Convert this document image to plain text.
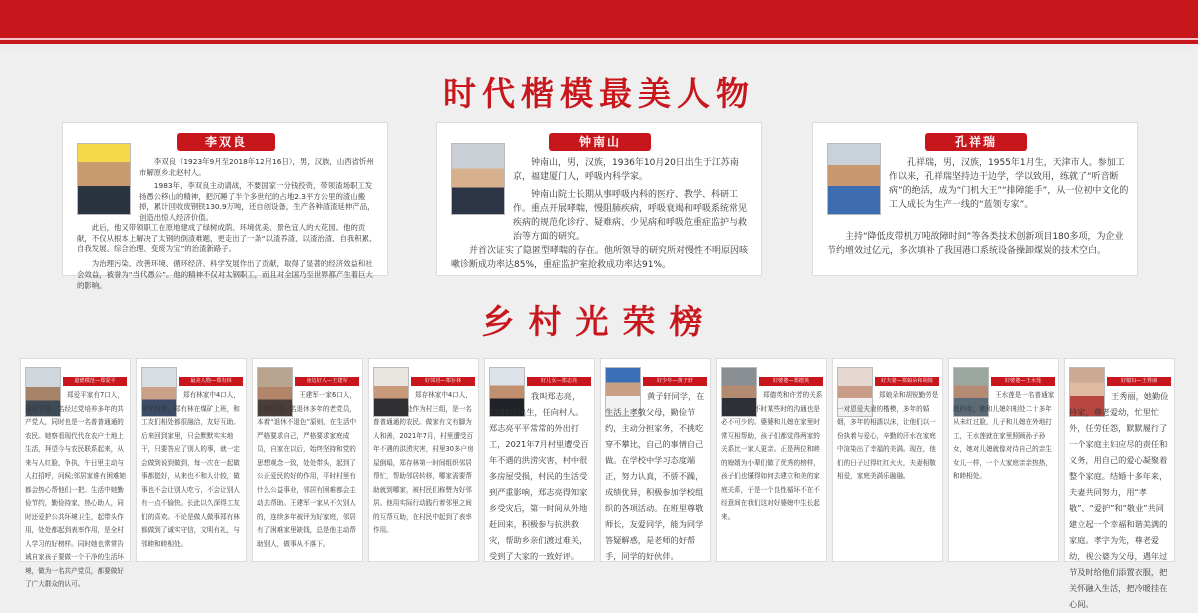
时代楷模最美人物
李双良

李双良（1923年9月至2018年12月16日），男，汉族，山西省忻州市解原乡北赵村人。

1983年，李双良主动请战，不要国家一分钱投资，带领渣场职工发扬愚公移山的精神，把沉睡了半个多世纪的占地2.3平方公里的渣山搬掉，累计回收废钢铁130.9万吨，还自创设备，生产各种渣渣延伸产品，创造出惊人经济价值。

此后，他又带领职工在原地建成了绿树成荫、环境优美、景色宜人的大花园。他的贡献，不仅从根本上解决了太钢的倒渣难题，更走出了一条“以渣养渣、以渣治渣、自我积累、自我发展、综合治理、变废为宝”的治渣新路子。

为治理污染、改善环境、循环经济、科学发展作出了贡献，取得了显著的经济效益和社会效益，被誉为“当代愚公”。他的精神不仅对太钢职工，而且对全国乃至世界都产生着巨大的影响。

钟南山

钟南山，男，汉族，1936年10月20日出生于江苏南京，福建厦门人，呼吸内科学家。

钟南山院士长期从事呼吸内科的医疗、教学、科研工作。重点开展哮喘，慢阻肺疾病，呼吸衰竭和呼吸系统常见疾病的规范化诊疗、疑难病、少见病和呼吸危重症监护与救治等方面的研究。

并首次证实了隐匿型哮喘的存在。他所领导的研究所对慢性不明原因咳嗽诊断成功率达85%，重症监护室抢救成功率达91%。

孔祥瑞

孔祥瑞，男，汉族，1955年1月生，天津市人。参加工作以来，孔祥瑞坚持边干边学，学以致用，练就了“听音断病”的绝活，成为“门机大王”“排障能手”，从一位初中文化的工人成长为生产一线的“蓝领专家”。

主持“降低皮带机万吨故障时间”等各类技术创新项目180多项，为企业节约增效过亿元，多次填补了我国港口系统设备操卸煤炭的技术空白。

乡村光荣榜
道德模范—郑爱平

郑爱平家有7口人，郑爱平是一名经过党培养多年的共产党人，同时也是一名普普通通的农民。她察看现代代在农户土地上生活，拜望今与农民联系起来，从来与人红脸，争执，午日里主动与人打招呼，问候;邻居家谁有困难她都会热心帮他们一把。生活中她勤俭节约，勤俭持家，热心助人，同时还爱护公共环境卫生，起带头作用，处处都起到表率作用，是全村人学习的好榜样。同时她也常常告诫自家孩子要做一个干净的生活环境，做为一名共产党员，都要做好了广大群众的认可。

最美人物—郑有林

郑有林家中4口人，早年村里，郑有林在煤矿上班，和工友们相处都很融洽，友好互助。后来回到家里，只会默默实实地干，只要答应了别人的事，就一定会做到说到做到，每一次在一起做事都挺好，从来也不和人计较，做事也不会让别人吃亏，不会让别人有一点不愉快。长此以久深得工友们的喜欢。不论是做人做事郑有林都做到了诚实守信，文明有礼，与邻睦和睦相处。

身边好人—王建军

王建军一家6口人，王建军是一名退休多年的老党员，本着“退休不退色”原则，在生活中严格要求自己，严格要求家庭成员，自家在以后，始终坚持和党的思想观念一致，处处带头，起到了公正爱民的好的作用，平时村里有什么公益事业，邻居有困难都会主动去帮助。王建军一家从不欠别人的，连续多年被评为好家庭，邻居有了困难家里缺钱，总是他主动帮助别人，做事从不落下。

好邻居—郑存林

郑存林家中4口人，世业山办事处作为村三组，是一名普普通通的农民。做家有文有脚为人和善，2021年7月，村里遭受百年不遇的洪涝灾害，村里30多户房屋倒塌，郑存林第一时间组织邻居帮忙，帮助邻居转移，哪家需要帮助就到哪家，被村民们称赞为好邻居。他用实际行动践行着邻里之间的互帮互助，在村民中起到了表率作用。

好儿女—郑志亮

我叫郑志亮，1988年出生，任向村人。郑志亮平平常常的外出打工，2021年7月村里遭受百年不遇的洪涝灾害，村中很多房屋受损，村民的生活受到严重影响，郑志亮得知家乡受灾后，第一时间从外地赶回来，积极参与抗洪救灾，帮助乡亲们渡过难关，受到了大家的一致好评。

好少年—黄子轩

黄子轩同学，在生活上孝敬父母，勤俭节约，主动分担家务，不挑吃穿不攀比，自己的事情自己做。在学校中学习态度端正，努力认真，不骄不躁，成绩优异，积极参加学校组织的各项活动。在班里尊敬师长，友爱同学，能为同学答疑解惑，是老师的好帮手，同学的好伙伴。

好婆婆—郑德英

郑德英和许芳的关系很好，当然不时某些时的沟通也是必不可少的。婆婆和儿媳在家里时常互相帮助，孩子们都觉得两家的关系比一家人更亲。正是两位和睦的媳婿为小辈们做了优秀的榜样，孩子们也懂得如何去建立和美的家庭关系，于是一个良性循环不在不经意间在我们这对好婆媳中生长起来。

好夫妻—郑娘朵和胡锐

郑娘朵和胡锐勤劳是一对恩爱夫妻的楷模，多年的婚姻，多年的相濡以沫，让他们以一份执着与爱心，辛勤的汗水在家庭中渲染出了幸福的美满。现在，他们的日子过得红红火火，夫妻相敬相爱，家庭美满乐融融。

好婆婆—王水莲

王水莲是一名普通家庭妇女，她和儿媳妇相处二十多年从未红过脸，儿子和儿媳在外地打工，王水莲就在家里照顾孙子孙女，她对儿媳就像对待自己的亲生女儿一样，一个大家庭亲亲热热，和睦相处。

好媳妇—王秀丽

王秀丽，她勤俭持家，尊老爱幼，忙里忙外，任劳任怨，默默履行了一个家庭主妇应尽的责任和义务，用自己的爱心凝聚着整个家庭。结婚十多年来，夫妻共同努力，用“孝敬”、“爱护”和“敬业”共同建立起一个幸福和谐美满的家庭。孝字为先，尊老爱幼，视公婆为父母，遇年过节及时给他们添置衣服，把关怀融入生活，把冷暖挂在心间。
